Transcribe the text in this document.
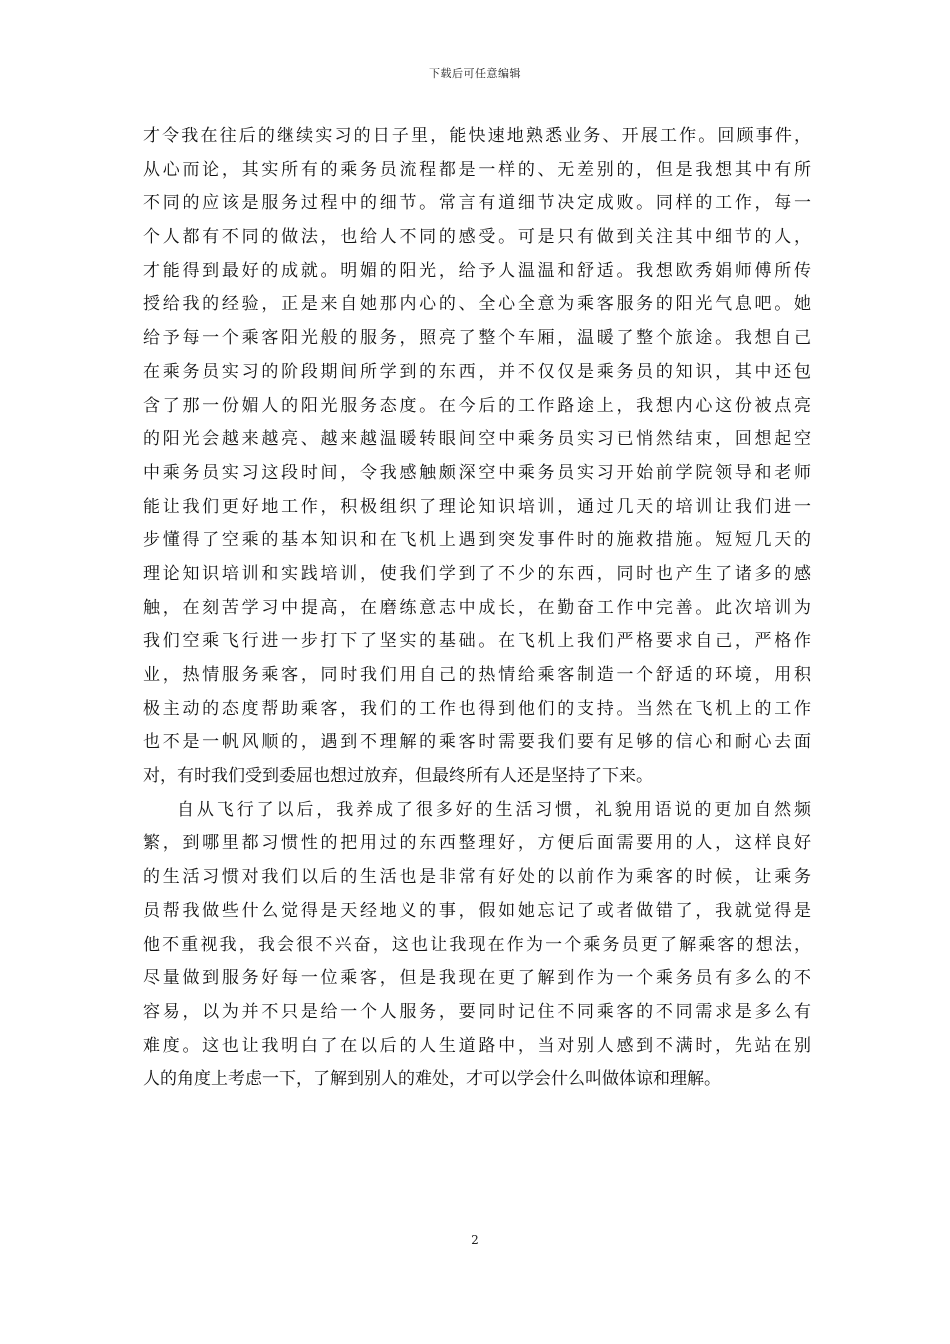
下载后可任意编辑
才令我在往后的继续实习的日子里，能快速地熟悉业务、开展工作。回顾事件，
从心而论，其实所有的乘务员流程都是一样的、无差别的，但是我想其中有所
不同的应该是服务过程中的细节。常言有道细节决定成败。同样的工作，每一
个人都有不同的做法，也给人不同的感受。可是只有做到关注其中细节的人，
才能得到最好的成就。明媚的阳光，给予人温温和舒适。我想欧秀娟师傅所传
授给我的经验，正是来自她那内心的、全心全意为乘客服务的阳光气息吧。她
给予每一个乘客阳光般的服务，照亮了整个车厢，温暖了整个旅途。我想自己
在乘务员实习的阶段期间所学到的东西，并不仅仅是乘务员的知识，其中还包
含了那一份媚人的阳光服务态度。在今后的工作路途上，我想内心这份被点亮
的阳光会越来越亮、越来越温暖转眼间空中乘务员实习已悄然结束，回想起空
中乘务员实习这段时间，令我感触颇深空中乘务员实习开始前学院领导和老师
能让我们更好地工作，积极组织了理论知识培训，通过几天的培训让我们进一
步懂得了空乘的基本知识和在飞机上遇到突发事件时的施救措施。短短几天的
理论知识培训和实践培训，使我们学到了不少的东西，同时也产生了诸多的感
触，在刻苦学习中提高，在磨练意志中成长，在勤奋工作中完善。此次培训为
我们空乘飞行进一步打下了坚实的基础。在飞机上我们严格要求自己，严格作
业，热情服务乘客，同时我们用自己的热情给乘客制造一个舒适的环境，用积
极主动的态度帮助乘客，我们的工作也得到他们的支持。当然在飞机上的工作
也不是一帆风顺的，遇到不理解的乘客时需要我们要有足够的信心和耐心去面
对，有时我们受到委屈也想过放弃，但最终所有人还是坚持了下来。
自从飞行了以后，我养成了很多好的生活习惯，礼貌用语说的更加自然频
繁，到哪里都习惯性的把用过的东西整理好，方便后面需要用的人，这样良好
的生活习惯对我们以后的生活也是非常有好处的以前作为乘客的时候，让乘务
员帮我做些什么觉得是天经地义的事，假如她忘记了或者做错了，我就觉得是
他不重视我，我会很不兴奋，这也让我现在作为一个乘务员更了解乘客的想法，
尽量做到服务好每一位乘客，但是我现在更了解到作为一个乘务员有多么的不
容易，以为并不只是给一个人服务，要同时记住不同乘客的不同需求是多么有
难度。这也让我明白了在以后的人生道路中，当对别人感到不满时，先站在别
人的角度上考虑一下，了解到别人的难处，才可以学会什么叫做体谅和理解。
2
